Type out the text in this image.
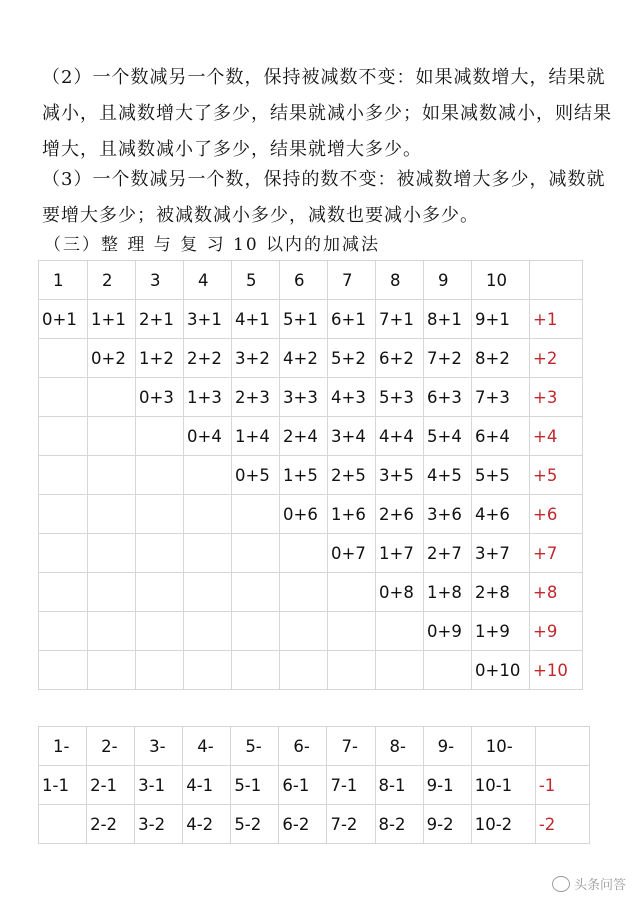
（2）一个数减另一个数，保持被减数不变：如果减数增大，结果就减小，且减数增大了多少，结果就减小多少；如果减数减小，则结果增大，且减数减小了多少，结果就增大多少。

（3）一个数减另一个数，保持的数不变：被减数增大多少，减数就要增大多少；被减数减小多少，减数也要减小多少。

（三）整 理 与 复 习 10 以内的加减法
1	2	3	4	5	6	7	8	9	10	
0+1	1+1	2+1	3+1	4+1	5+1	6+1	7+1	8+1	9+1	+1
	0+2	1+2	2+2	3+2	4+2	5+2	6+2	7+2	8+2	+2
		0+3	1+3	2+3	3+3	4+3	5+3	6+3	7+3	+3
			0+4	1+4	2+4	3+4	4+4	5+4	6+4	+4
				0+5	1+5	2+5	3+5	4+5	5+5	+5
					0+6	1+6	2+6	3+6	4+6	+6
						0+7	1+7	2+7	3+7	+7
							0+8	1+8	2+8	+8
								0+9	1+9	+9
									0+10	+10
1-	2-	3-	4-	5-	6-	7-	8-	9-	10-	
1-1	2-1	3-1	4-1	5-1	6-1	7-1	8-1	9-1	10-1	-1
	2-2	3-2	4-2	5-2	6-2	7-2	8-2	9-2	10-2	-2
头条问答
